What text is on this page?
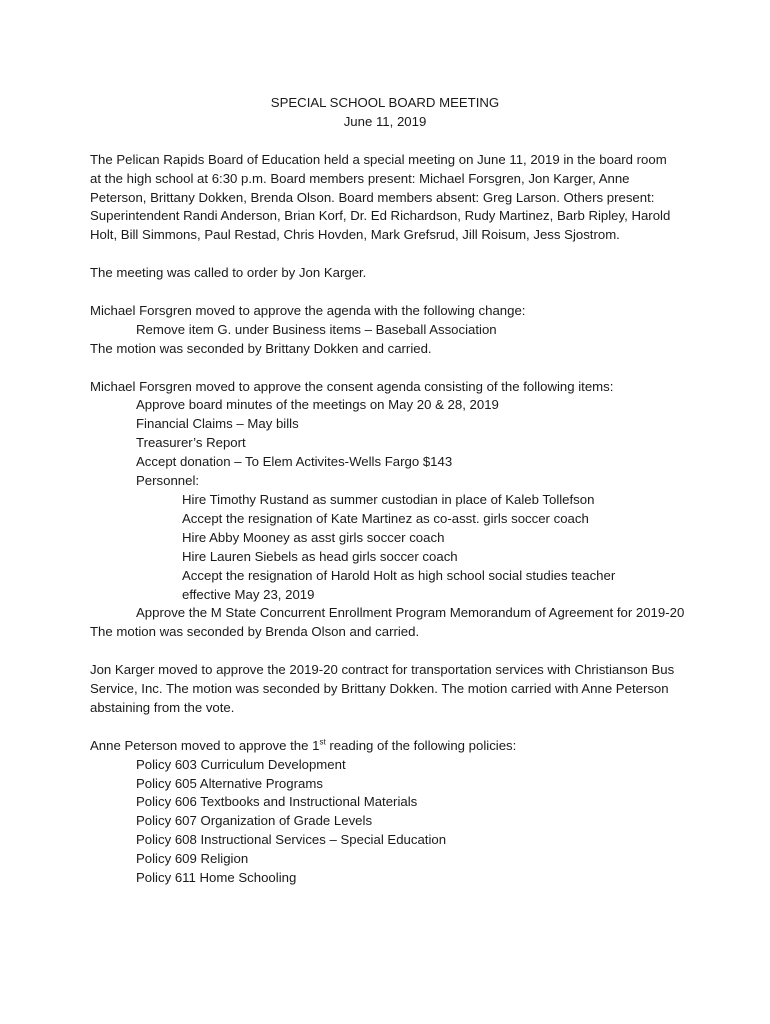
SPECIAL SCHOOL BOARD MEETING

June 11, 2019

The Pelican Rapids Board of Education held a special meeting on June 11, 2019 in the board room at the high school at 6:30 p.m. Board members present: Michael Forsgren, Jon Karger, Anne Peterson, Brittany Dokken, Brenda Olson. Board members absent: Greg Larson. Others present: Superintendent Randi Anderson, Brian Korf, Dr. Ed Richardson, Rudy Martinez, Barb Ripley, Harold Holt, Bill Simmons, Paul Restad, Chris Hovden, Mark Grefsrud, Jill Roisum, Jess Sjostrom.

The meeting was called to order by Jon Karger.

Michael Forsgren moved to approve the agenda with the following change:

Remove item G. under Business items – Baseball Association

The motion was seconded by Brittany Dokken and carried.

Michael Forsgren moved to approve the consent agenda consisting of the following items:

Approve board minutes of the meetings on May 20 & 28, 2019

Financial Claims – May bills

Treasurer’s Report

Accept donation – To Elem Activites-Wells Fargo $143

Personnel:

Hire Timothy Rustand as summer custodian in place of Kaleb Tollefson

Accept the resignation of Kate Martinez as co-asst. girls soccer coach

Hire Abby Mooney as asst girls soccer coach

Hire Lauren Siebels as head girls soccer coach

Accept the resignation of Harold Holt as high school social studies teacher effective May 23, 2019

Approve the M State Concurrent Enrollment Program Memorandum of Agreement for 2019-20

The motion was seconded by Brenda Olson and carried.

Jon Karger moved to approve the 2019-20 contract for transportation services with Christianson Bus Service, Inc. The motion was seconded by Brittany Dokken. The motion carried with Anne Peterson abstaining from the vote.

Anne Peterson moved to approve the 1st reading of the following policies:

Policy 603 Curriculum Development

Policy 605 Alternative Programs

Policy 606 Textbooks and Instructional Materials

Policy 607 Organization of Grade Levels

Policy 608 Instructional Services – Special Education

Policy 609 Religion

Policy 611 Home Schooling
